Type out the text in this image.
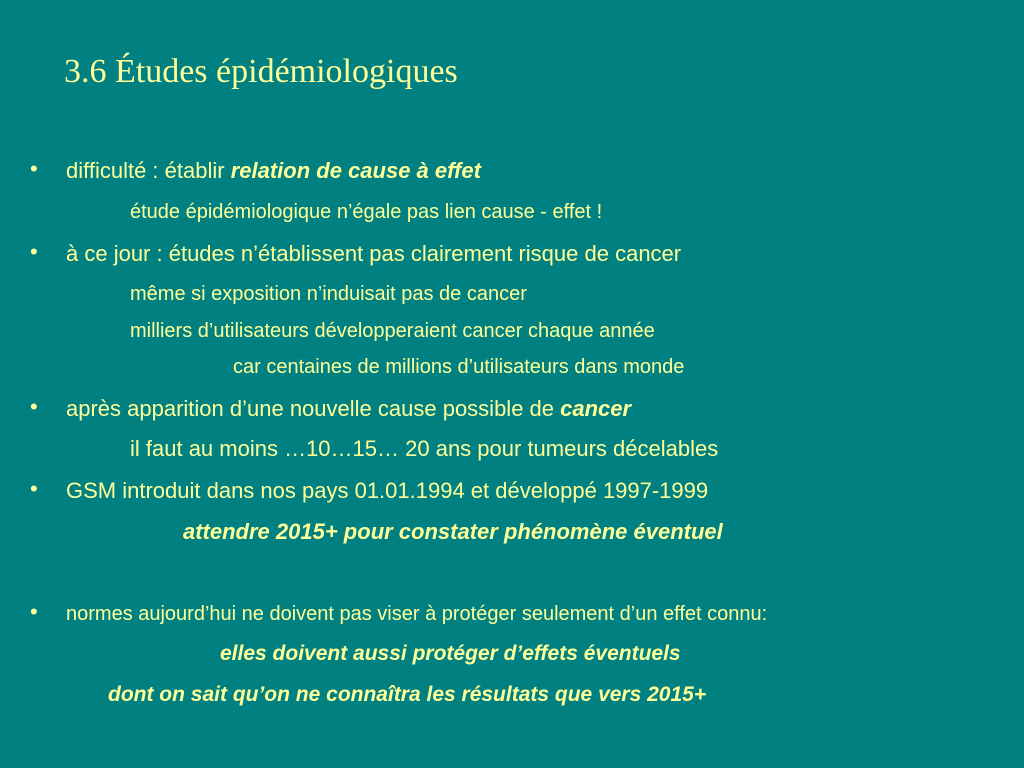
3.6 Études épidémiologiques
• difficulté : établir relation de cause à effet
étude épidémiologique n’égale pas lien cause - effet !
• à ce jour : études n’établissent pas clairement risque de cancer
même si exposition n’induisait pas de cancer
milliers d’utilisateurs développeraient cancer chaque année
car centaines de millions d’utilisateurs dans monde
• après apparition d’une nouvelle cause possible de cancer
il faut au moins …10…15… 20 ans pour tumeurs décelables
• GSM introduit dans nos pays 01.01.1994 et développé 1997-1999
attendre 2015+ pour constater phénomène éventuel
• normes aujourd’hui ne doivent pas viser à protéger seulement d’un effet connu:
elles doivent aussi protéger d’effets éventuels
dont on sait qu’on ne connaîtra les résultats que vers 2015+
